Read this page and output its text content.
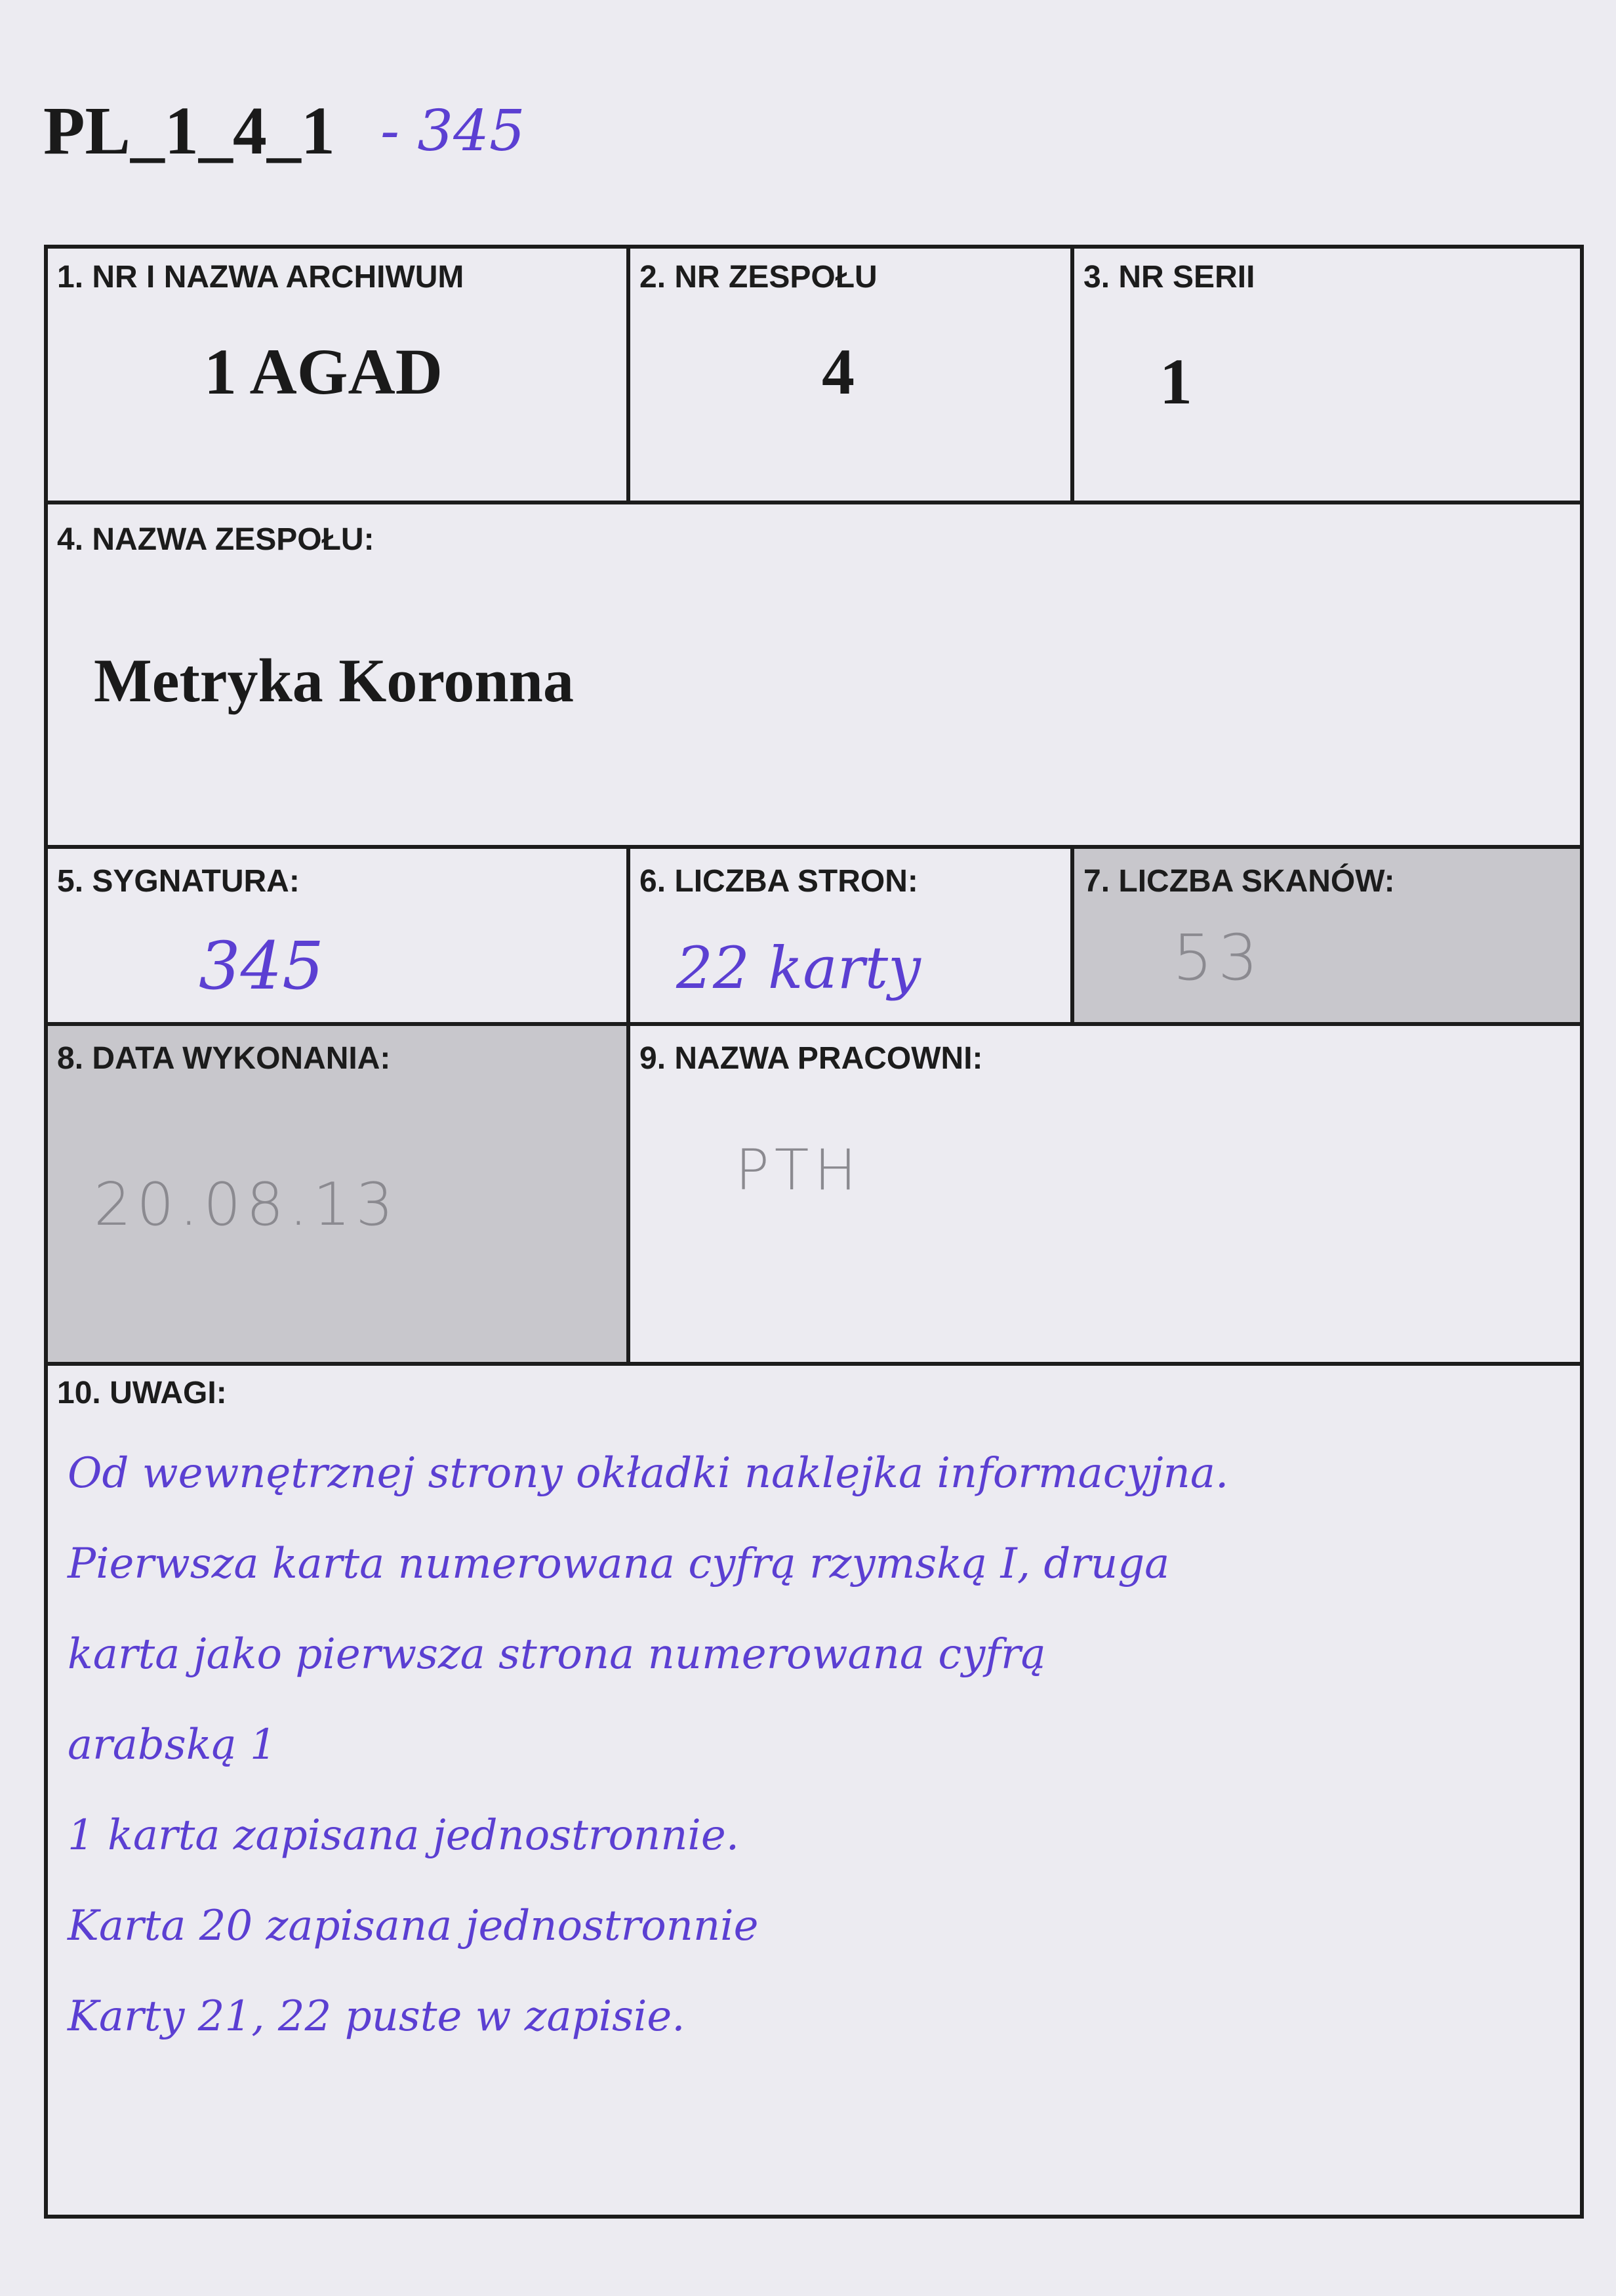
PL_1_4_1 - 345
1. NR I NAZWA ARCHIWUM
1 AGAD
2. NR ZESPOŁU
4
3. NR SERII
1
4. NAZWA ZESPOŁU:
Metryka Koronna
5. SYGNATURA:
345
6. LICZBA STRON:
22 karty
7. LICZBA SKANÓW:
53
8. DATA WYKONANIA:
20.08.13
9. NAZWA PRACOWNI:
PTH
10. UWAGI:
Od wewnętrznej strony okładki naklejka informacyjna.
Pierwsza karta numerowana cyfrą rzymską I, druga
karta jako pierwsza strona numerowana cyfrą
arabską 1
1 karta zapisana jednostronnie.
Karta 20 zapisana jednostronnie
Karty 21, 22 puste w zapisie.
